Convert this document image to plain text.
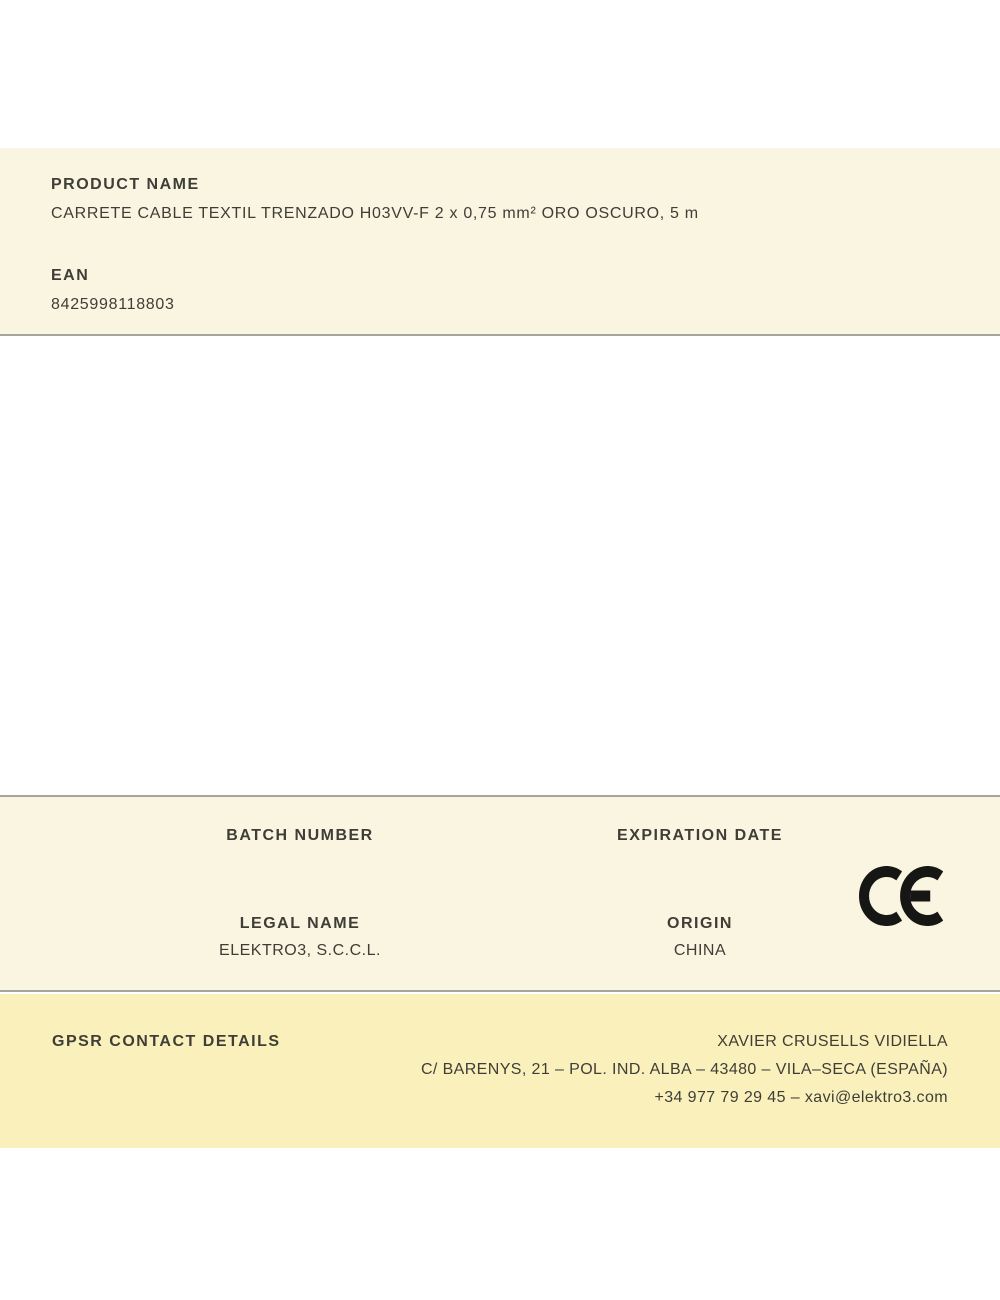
PRODUCT NAME
CARRETE CABLE TEXTIL TRENZADO H03VV-F 2 x 0,75 mm² ORO OSCURO, 5 m
EAN
8425998118803
BATCH NUMBER	EXPIRATION DATE
LEGAL NAME
ELEKTRO3, S.C.C.L.
ORIGIN
CHINA
GPSR CONTACT DETAILS	XAVIER CRUSELLS VIDIELLA
C/ BARENYS, 21 – POL. IND. ALBA – 43480 – VILA–SECA (ESPAÑA)
+34 977 79 29 45 – xavi@elektro3.com
